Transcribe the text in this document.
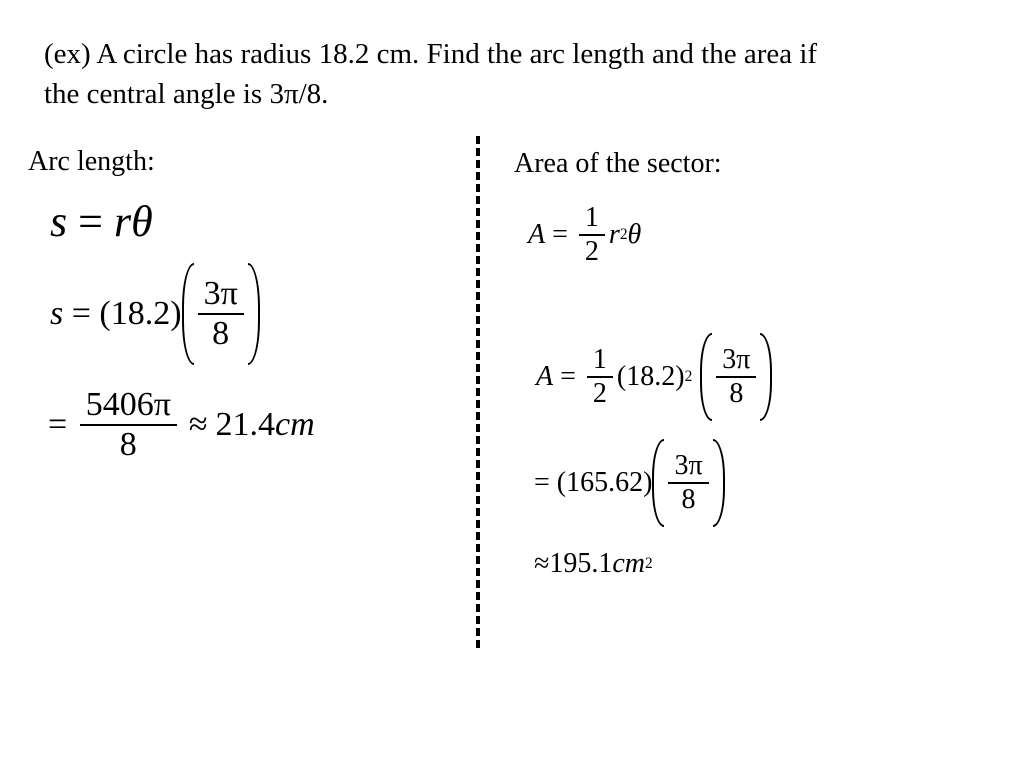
(ex) A circle has radius 18.2 cm. Find the arc length and the area if
the central angle is 3π/8.
Arc length:
s = rθ
$s = (18.2) \frac{3\pi}{8}$
= $\frac{5406\pi}{8} \approx 21.4$ cm
Area of the sector:
$A = \frac{1}{2}$ r 2 θ
$A = \frac{1}{2} (18.2)$ $2 \frac{3\pi}{8}$
= $(165.62) \frac{3\pi}{8}$
≈ 195.1 cm 2
